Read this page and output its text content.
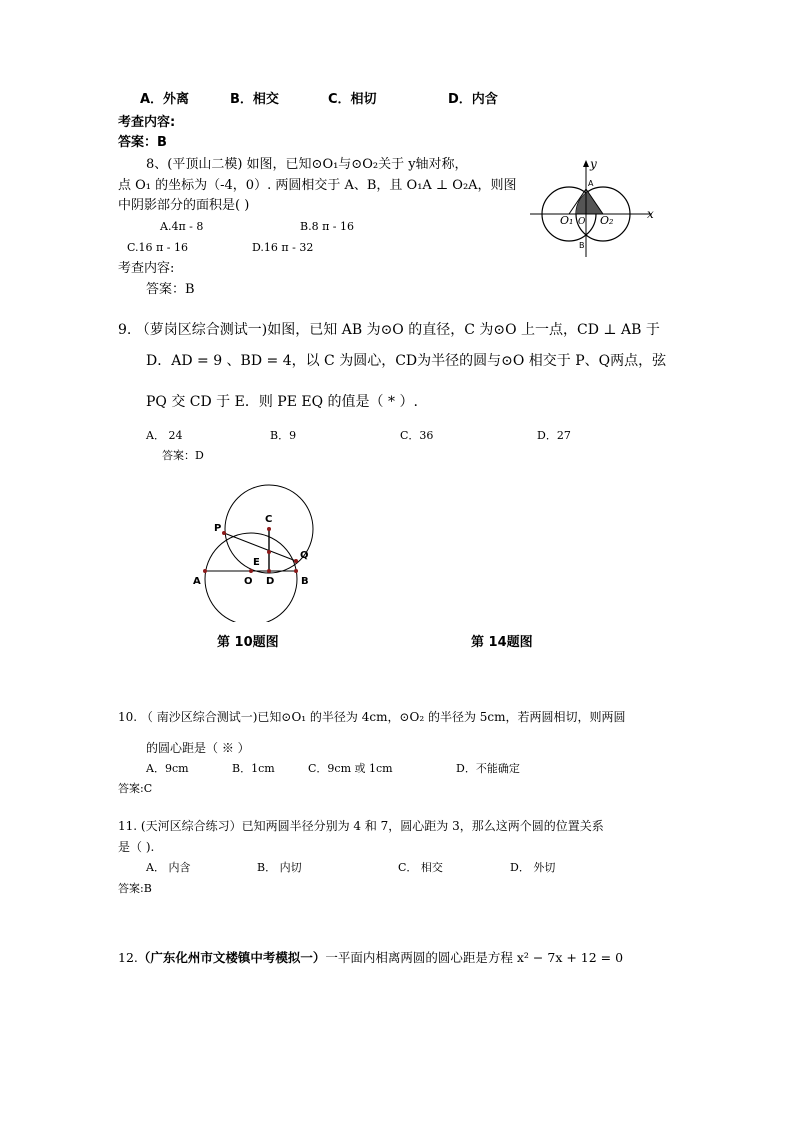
A．外离	B．相交	C．相切	D．内含
考查内容:
答案：B
8、(平顶山二模) 如图，已知⊙O₁与⊙O₂关于 y轴对称，
点 O₁ 的坐标为（-4，0）. 两圆相交于 A、B，且 O₁A ⊥ O₂A，则图
中阴影部分的面积是( )
A.4π - 8	B.8 π - 16
C.16 π - 16	D.16 π - 32
考查内容:
答案：B
y
x
A
B
O₁ O O₂
9. （萝岗区综合测试一)如图，已知 AB 为⊙O 的直径，C 为⊙O 上一点，CD ⊥ AB 于
D．AD = 9 、BD = 4，以 C 为圆心，CD为半径的圆与⊙O 相交于 P、Q两点，弦
PQ 交 CD 于 E．则 PE EQ 的值是（ * ）.
A． 24	B．9	C．36	D．27
答案：D
P
C
E
Q
A	O D	B
第 10题图	第 14题图
10. （ 南沙区综合测试一)已知⊙O₁ 的半径为 4cm，⊙O₂ 的半径为 5cm，若两圆相切，则两圆
的圆心距是（ ※ ）
A．9cm	B．1cm	C．9cm 或 1cm	D．不能确定
答案:C
11. (天河区综合练习）已知两圆半径分别为 4 和 7，圆心距为 3，那么这两个圆的位置关系
是（ ).
A． 内含	B． 内切	C． 相交	D． 外切
答案:B
12.（广东化州市文楼镇中考模拟一）一平面内相离两圆的圆心距是方程 x² − 7x + 12 = 0
